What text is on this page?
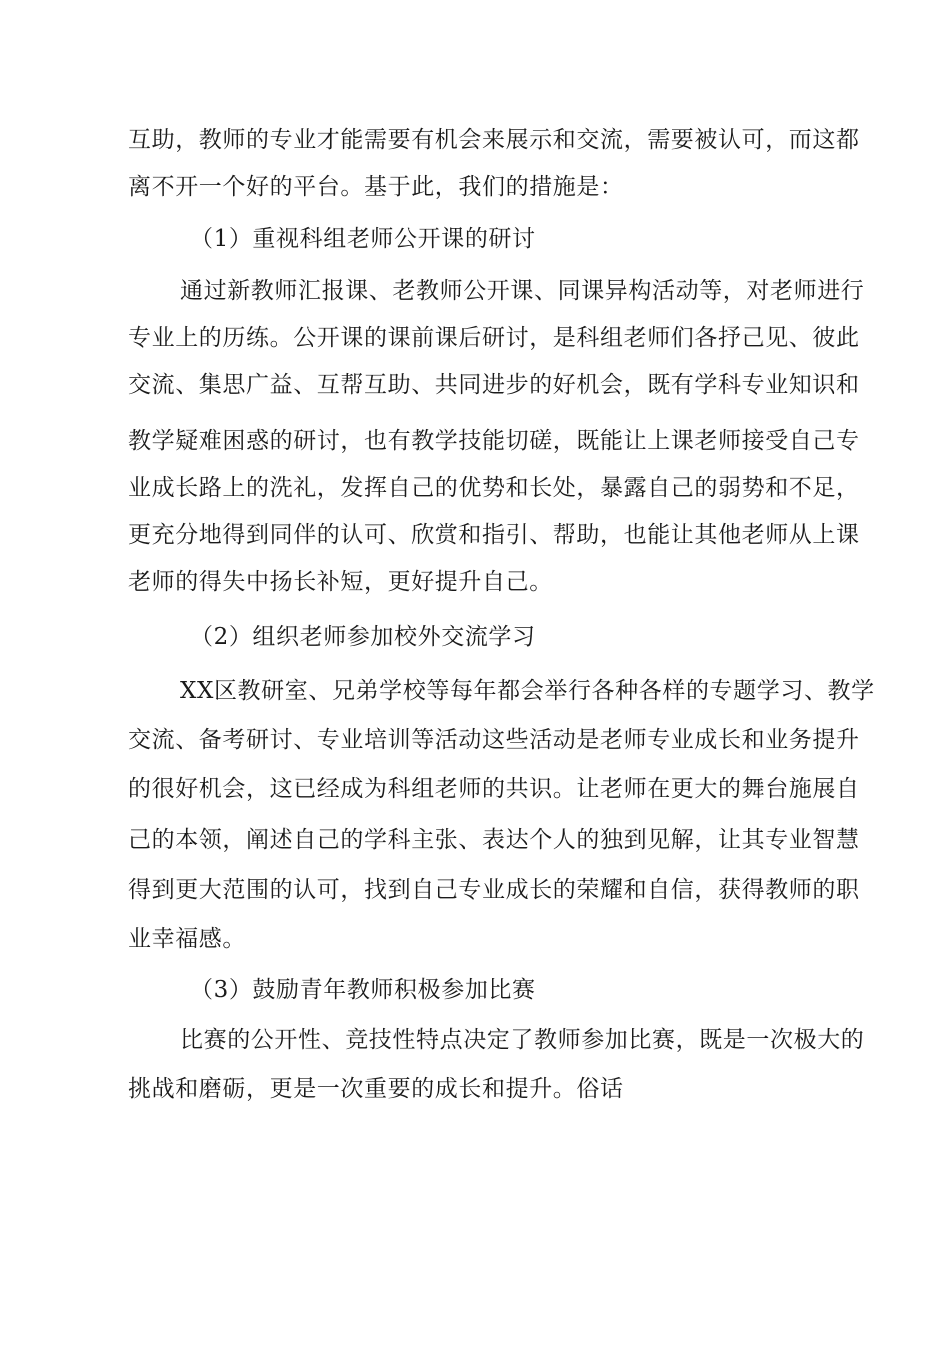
互助，教师的专业才能需要有机会来展示和交流，需要被认可，而这都

离不开一个好的平台。基于此，我们的措施是：

（1）重视科组老师公开课的研讨

通过新教师汇报课、老教师公开课、同课异构活动等，对老师进行

专业上的历练。公开课的课前课后研讨，是科组老师们各抒己见、彼此

交流、集思广益、互帮互助、共同进步的好机会，既有学科专业知识和

教学疑难困惑的研讨，也有教学技能切磋，既能让上课老师接受自己专

业成长路上的洗礼，发挥自己的优势和长处，暴露自己的弱势和不足，

更充分地得到同伴的认可、欣赏和指引、帮助，也能让其他老师从上课

老师的得失中扬长补短，更好提升自己。

（2）组织老师参加校外交流学习

XX区教研室、兄弟学校等每年都会举行各种各样的专题学习、教学

交流、备考研讨、专业培训等活动这些活动是老师专业成长和业务提升

的很好机会，这已经成为科组老师的共识。让老师在更大的舞台施展自

己的本领，阐述自己的学科主张、表达个人的独到见解，让其专业智慧

得到更大范围的认可，找到自己专业成长的荣耀和自信，获得教师的职

业幸福感。

（3）鼓励青年教师积极参加比赛

比赛的公开性、竞技性特点决定了教师参加比赛，既是一次极大的

挑战和磨砺，更是一次重要的成长和提升。俗话
